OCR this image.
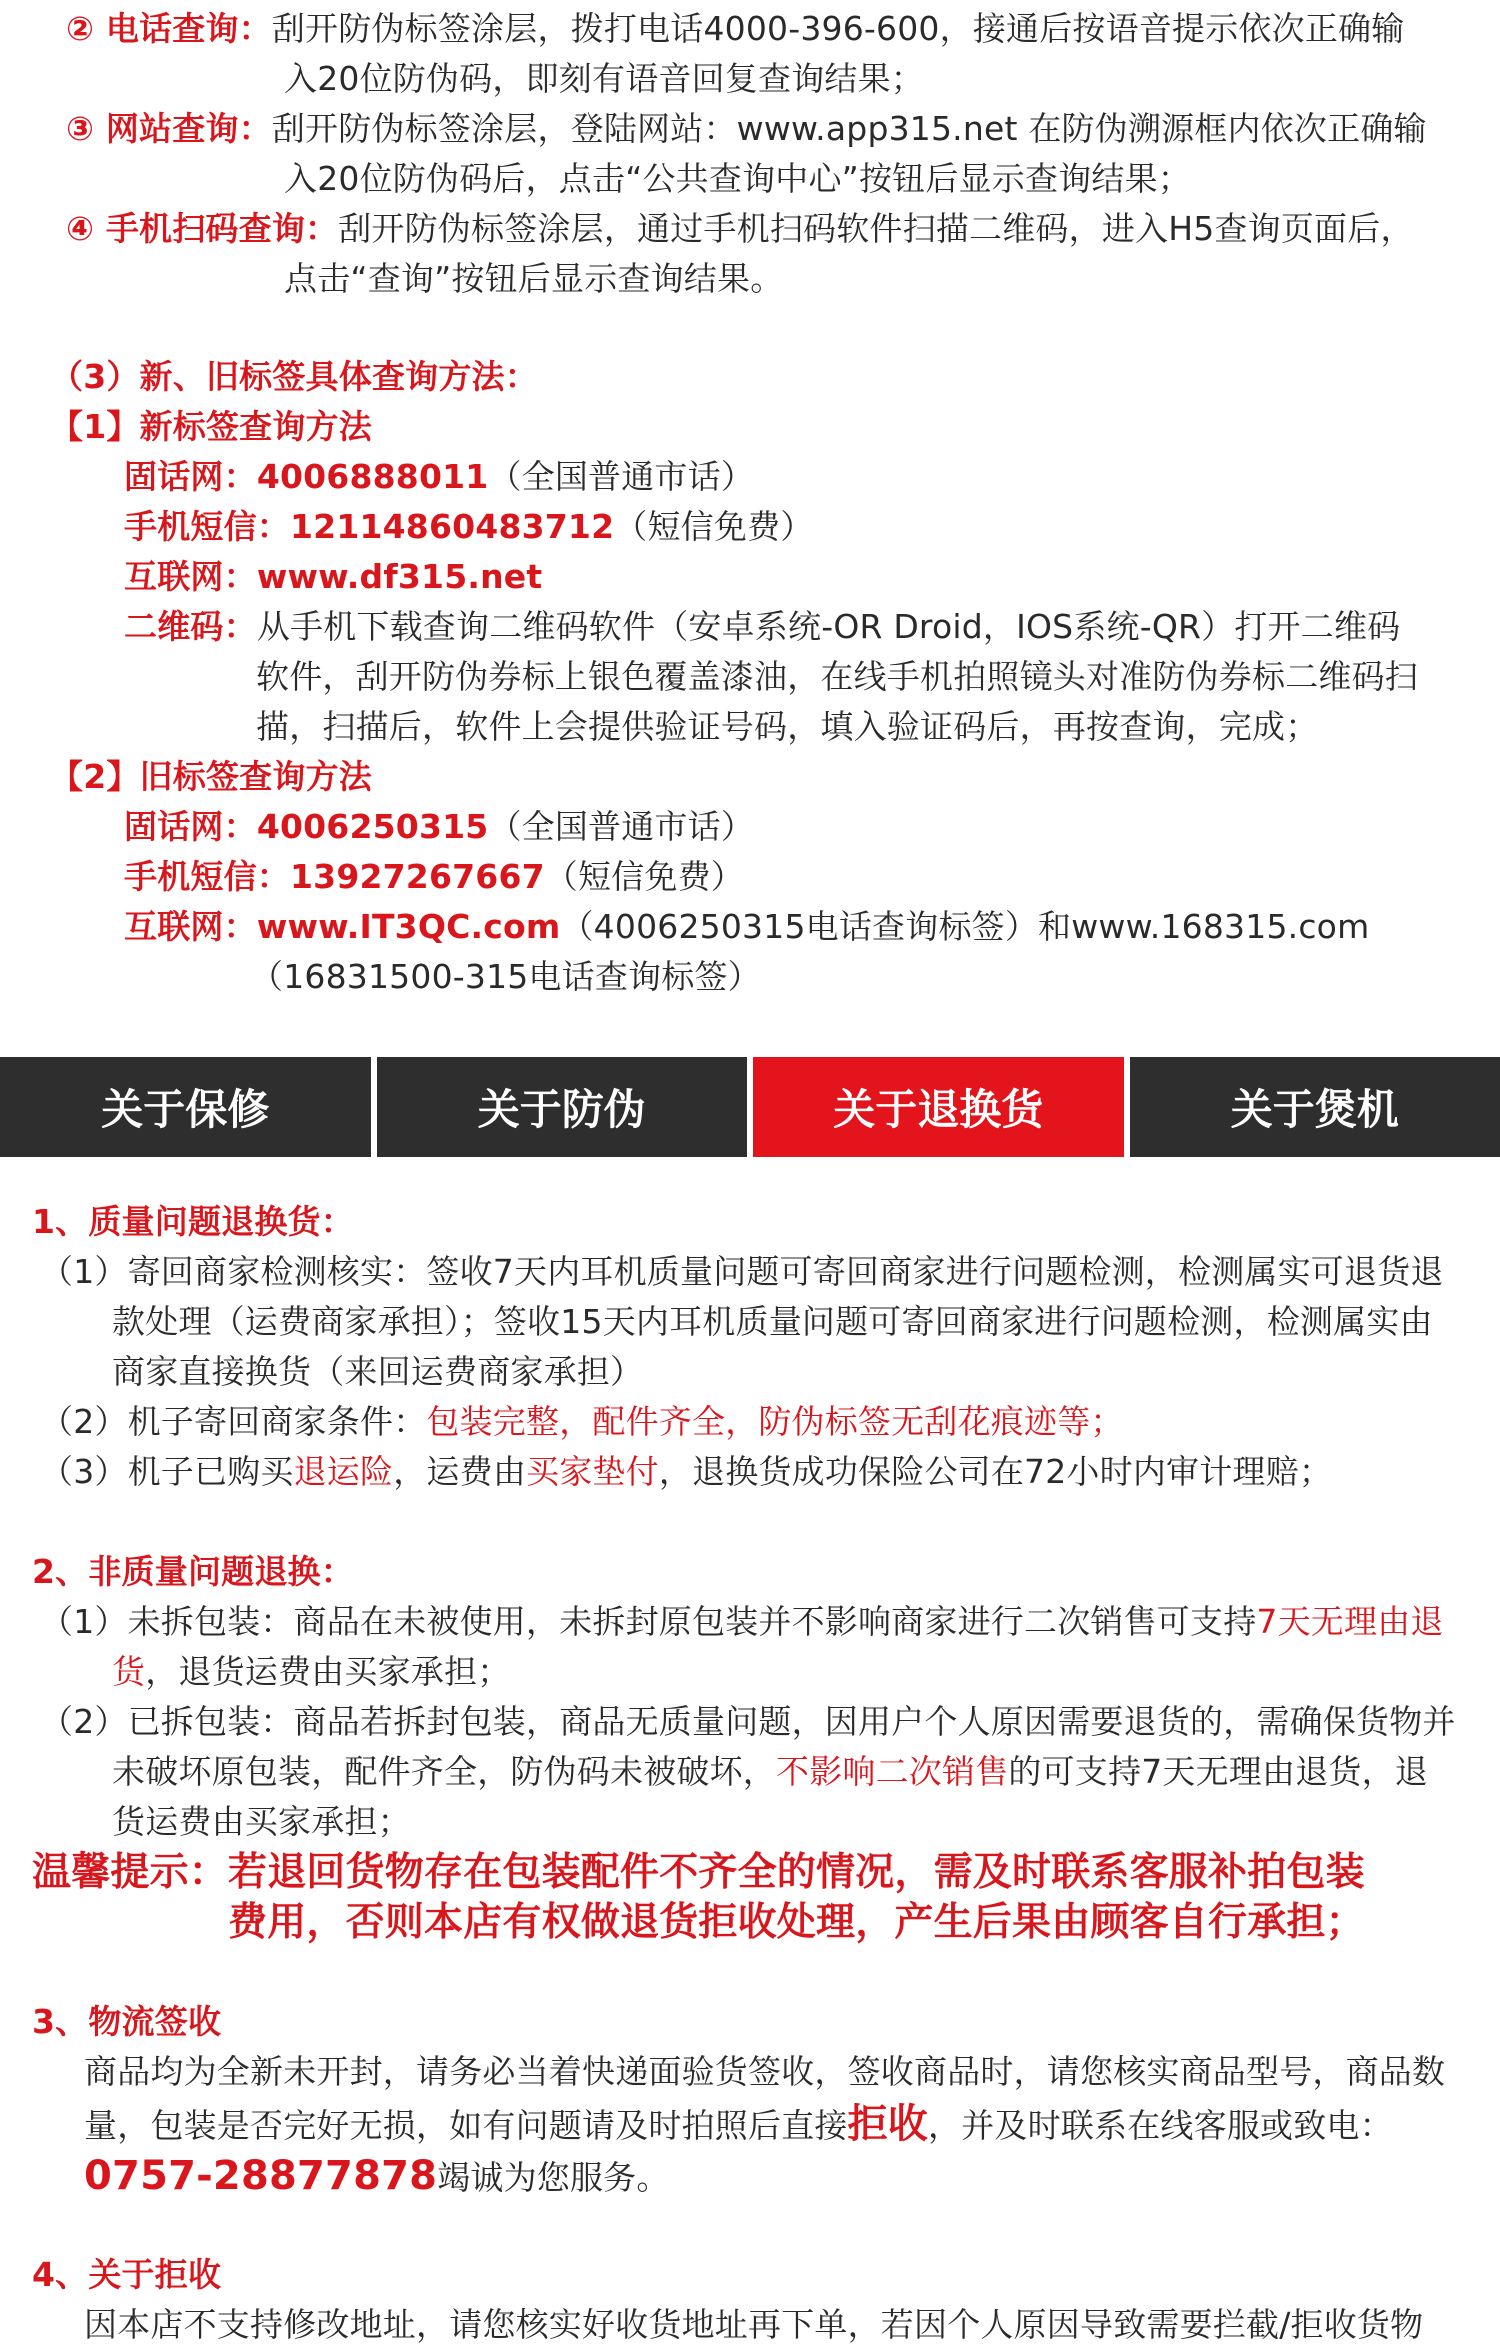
② 电话查询：刮开防伪标签涂层，拨打电话4000-396-600，接通后按语音提示依次正确输
入20位防伪码，即刻有语音回复查询结果；
③ 网站查询：刮开防伪标签涂层，登陆网站：www.app315.net 在防伪溯源框内依次正确输
入20位防伪码后，点击“公共查询中心”按钮后显示查询结果；
④ 手机扫码查询：刮开防伪标签涂层，通过手机扫码软件扫描二维码，进入H5查询页面后，
点击“查询”按钮后显示查询结果。
（3）新、旧标签具体查询方法：
【1】新标签查询方法
固话网：4006888011（全国普通市话）
手机短信：12114860483712（短信免费）
互联网：www.df315.net
二维码：从手机下载查询二维码软件（安卓系统-OR Droid，IOS系统-QR）打开二维码
软件，刮开防伪券标上银色覆盖漆油，在线手机拍照镜头对准防伪券标二维码扫
描，扫描后，软件上会提供验证号码，填入验证码后，再按查询，完成；
【2】旧标签查询方法
固话网：4006250315（全国普通市话）
手机短信：13927267667（短信免费）
互联网：www.IT3QC.com（4006250315电话查询标签）和www.168315.com
（16831500-315电话查询标签）
关于保修	关于防伪	关于退换货	关于煲机
1、质量问题退换货：
（1）寄回商家检测核实：签收7天内耳机质量问题可寄回商家进行问题检测，检测属实可退货退
款处理（运费商家承担）；签收15天内耳机质量问题可寄回商家进行问题检测，检测属实由
商家直接换货（来回运费商家承担）
（2）机子寄回商家条件：包装完整，配件齐全，防伪标签无刮花痕迹等；
（3）机子已购买退运险，运费由买家垫付，退换货成功保险公司在72小时内审计理赔；
2、非质量问题退换：
（1）未拆包装：商品在未被使用，未拆封原包装并不影响商家进行二次销售可支持7天无理由退
货，退货运费由买家承担；
（2）已拆包装：商品若拆封包装，商品无质量问题，因用户个人原因需要退货的，需确保货物并
未破坏原包装，配件齐全，防伪码未被破坏，不影响二次销售的可支持7天无理由退货，退
货运费由买家承担；
温馨提示：若退回货物存在包装配件不齐全的情况，需及时联系客服补拍包装
费用，否则本店有权做退货拒收处理，产生后果由顾客自行承担；
3、物流签收
商品均为全新未开封，请务必当着快递面验货签收，签收商品时，请您核实商品型号，商品数
量，包装是否完好无损，如有问题请及时拍照后直接拒收，并及时联系在线客服或致电：
0757-28877878竭诚为您服务。
4、关于拒收
因本店不支持修改地址，请您核实好收货地址再下单，若因个人原因导致需要拦截/拒收货物
